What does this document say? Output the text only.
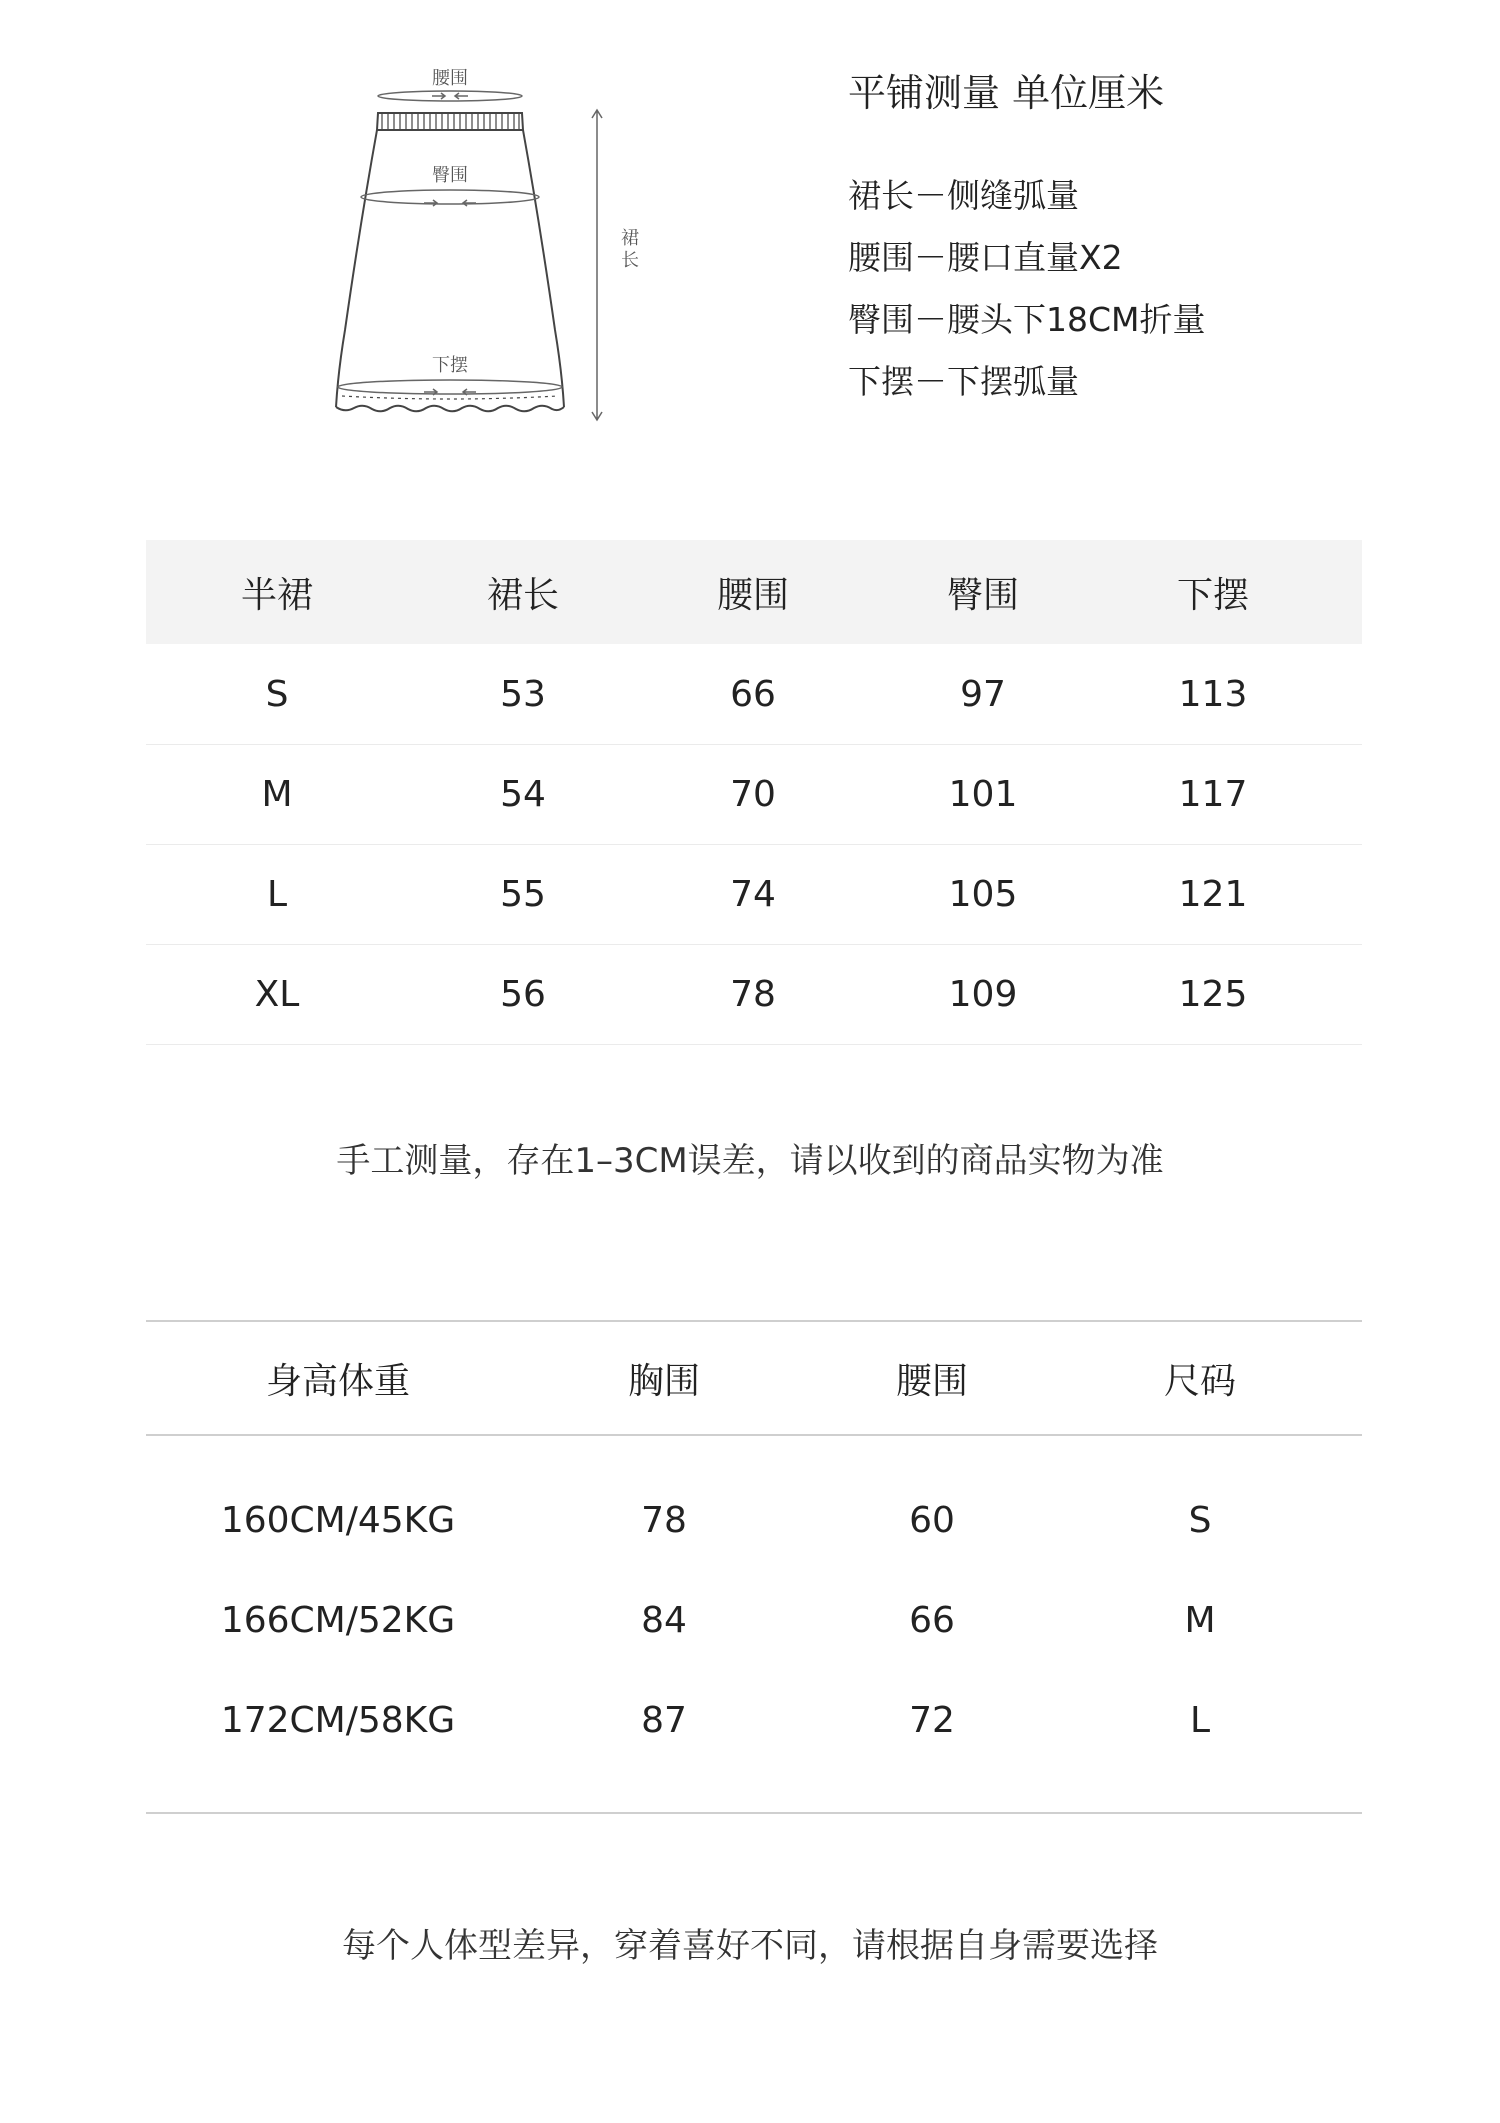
腰围
臀围
下摆
裙
长
平铺测量 单位厘米
裙长－侧缝弧量
腰围－腰口直量X2
臀围－腰头下18CM折量
下摆－下摆弧量
半裙	裙长	腰围	臀围	下摆
S	53	66	97	113
M	54	70	101	117
L	55	74	105	121
XL	56	78	109	125
手工测量，存在1–3CM误差，请以收到的商品实物为准
身高体重	胸围	腰围	尺码
160CM/45KG	78	60	S
166CM/52KG	84	66	M
172CM/58KG	87	72	L
每个人体型差异，穿着喜好不同，请根据自身需要选择
